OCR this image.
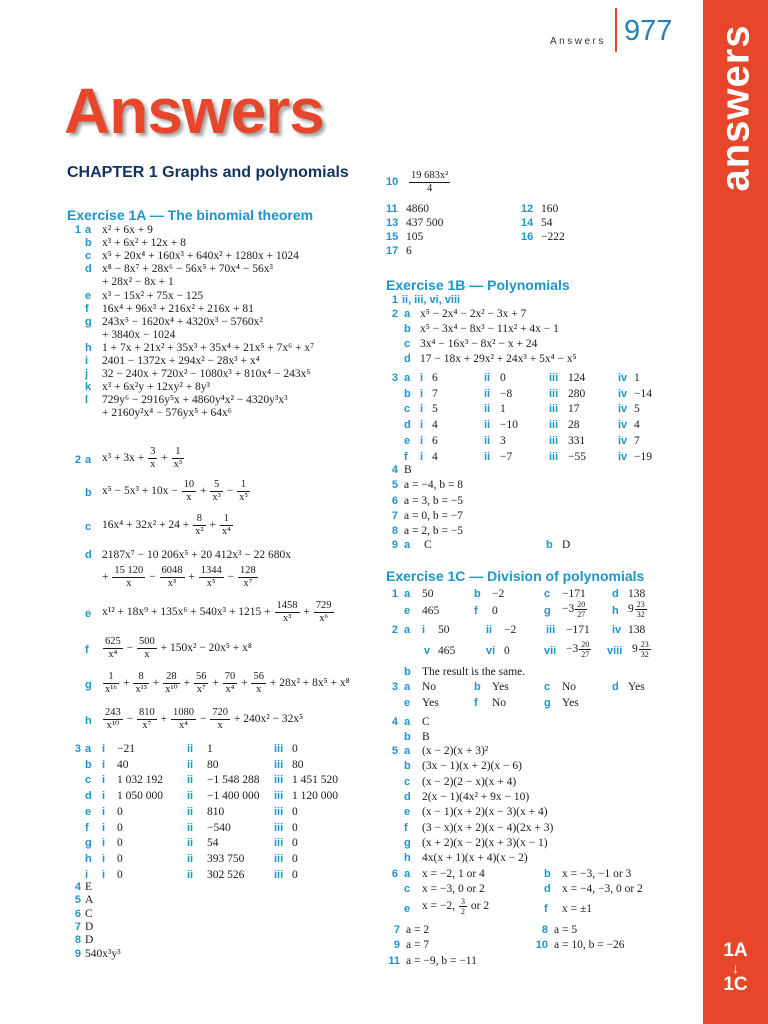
answers
1A
↓
1C
Answers 977
Answers
CHAPTER 1 Graphs and polynomials
Exercise 1A — The binomial theorem
1 a x² + 6x + 9
b x³ + 6x² + 12x + 8
c x⁵ + 20x⁴ + 160x³ + 640x² + 1280x + 1024
d x⁸ − 8x⁷ + 28x⁶ − 56x⁵ + 70x⁴ − 56x³
+ 28x² − 8x + 1
e x³ − 15x² + 75x − 125
f 16x⁴ + 96x³ + 216x² + 216x + 81
g 243x⁵ − 1620x⁴ + 4320x³ − 5760x²
+ 3840x − 1024
h 1 + 7x + 21x² + 35x³ + 35x⁴ + 21x⁵ + 7x⁶ + x⁷
i 2401 − 1372x + 294x² − 28x³ + x⁴
j 32 − 240x + 720x² − 1080x³ + 810x⁴ − 243x⁵
k x³ + 6x²y + 12xy² + 8y³
l 729y⁶ − 2916y⁵x + 4860y⁴x² − 4320y³x³
+ 2160y²x⁴ − 576yx⁵ + 64x⁶
2 a $x^3 + 3x + \frac{3}{x} + \frac{1}{\text{x³}}$
b $x^5 - 5x^3 + 10x - \frac{10}{x} + \frac{5}{\text{x³}} - \frac{1}{\text{x⁵}}$
c $16x^4 + 32x^2 + 24 + \frac{8}{\text{x²}} + \frac{1}{\text{x⁴}}$
d 2187x⁷ − 10 206x⁵ + 20 412x³ − 22 680x
+ $\frac{15 120}{x} - \frac{6048}{\text{x³}} + \frac{1344}{\text{x⁵}} - \frac{128}{\text{x⁷}}$
e $x^{12} + 18x^9 + 135x^6 + 540x^3 + 1215 + \frac{1458}{\text{x³}} + \frac{729}{\text{x⁶}}$
f $\frac{625}{\text{x⁴}} - \frac{500}{x} + 150x^2 - 20x^5 + x^8$
g $\frac{1}{\text{x¹⁶}} + \frac{8}{\text{x¹³}} + \frac{28}{\text{x¹⁰}} + \frac{56}{\text{x⁷}} + \frac{70}{\text{x⁴}} + \frac{56}{x} + 28x^2 + 8x^5 + x^8$
h $\frac{243}{\text{x¹⁰}} - \frac{810}{\text{x⁷}} + \frac{1080}{\text{x⁴}} - \frac{720}{x} + 240x^2 - 32x^5$
3 a i −21	ii 1	iii 0
b i 40	ii 80	iii 80
c i 1 032 192 ii −1 548 288 iii 1 451 520
d i 1 050 000 ii −1 400 000 iii 1 120 000
e i 0	ii 810	iii 0
f i 0	ii −540	iii 0
g i 0	ii 54	iii 0
h i 0	ii 393 750	iii 0
i i 0	ii 302 526	iii 0
4 E
5 A
6 C
7 D
8 D
9 540x³y³
$10 \frac{\text{19 683x²}}{4}$
11 4860	12 160
13 437 500	14 54
15 105	16 −222
17 6
Exercise 1B — Polynomials
1 ii, iii, vi, viii
2 a x⁵ − 2x⁴ − 2x² − 3x + 7
b x⁵ − 3x⁴ − 8x³ − 11x² + 4x − 1
c 3x⁴ − 16x³ − 8x² − x + 24
d 17 − 18x + 29x² + 24x³ + 5x⁴ − x⁵
3 a i 6	ii 0	iii 124	iv 1
b i 7	ii −8	iii 280	iv −14
c i 5	ii 1	iii 17	iv 5
d i 4	ii −10	iii 28	iv 4
e i 6	ii 3	iii 331	iv 7
f i 4	ii −7	iii −55	iv −19
4 B
5 a = −4, b = 8
6 a = 3, b = −5
7 a = 0, b = −7
8 a = 2, b = −5
9 a C	b D
Exercise 1C — Division of polynomials
1 a 50	b −2	c −171 d 138
e 465	f 0	$g -3 \frac{20}{27}$ h $9 \frac{23}{32}$
2 a i 50	ii −2	iii −171 iv 138
v 465	vi 0	vii $-3 \frac{20}{27}$ viii $9 \frac{23}{32}$
b The result is the same.
3 a No	b Yes	c No	d Yes
e Yes	f No	g Yes
4 a C
b B
5 a (x − 2)(x + 3)²
b (3x − 1)(x + 2)(x − 6)
c (x − 2)(2 − x)(x + 4)
d 2(x − 1)(4x² + 9x − 10)
e (x − 1)(x + 2)(x − 3)(x + 4)
f (3 − x)(x + 2)(x − 4)(2x + 3)
g (x + 2)(x − 2)(x + 3)(x − 1)
h 4x(x + 1)(x + 4)(x − 2)
6 a x = −2, 1 or 4	b x = −3, −1 or 3
c x = −3, 0 or 2	d x = −4, −3, 0 or 2
e x = −2, $\frac{3}{2}$ or 2	f x = ±1
7 a = 2	8 a = 5
9 a = 7	10 a = 10, b = −26
11 a = −9, b = −11
